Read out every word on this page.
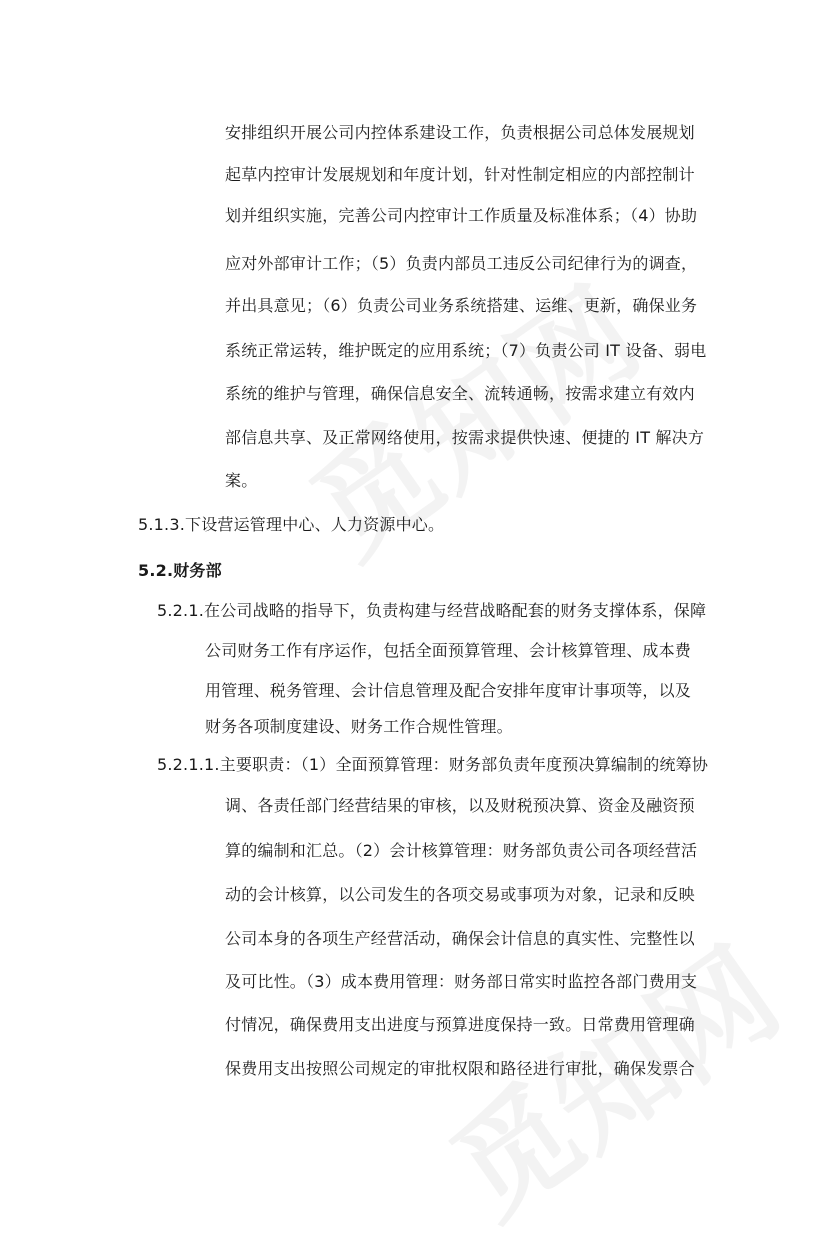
安排组织开展公司内控体系建设工作，负责根据公司总体发展规划
起草内控审计发展规划和年度计划，针对性制定相应的内部控制计
划并组织实施，完善公司内控审计工作质量及标准体系；（4）协助
应对外部审计工作；（5）负责内部员工违反公司纪律行为的调查，
并出具意见；（6）负责公司业务系统搭建、运维、更新，确保业务
系统正常运转，维护既定的应用系统；（7）负责公司 IT 设备、弱电
系统的维护与管理，确保信息安全、流转通畅，按需求建立有效内
部信息共享、及正常网络使用，按需求提供快速、便捷的 IT 解决方
案。
5.1.3.下设营运管理中心、人力资源中心。
5.2.财务部
5.2.1.在公司战略的指导下，负责构建与经营战略配套的财务支撑体系，保障
公司财务工作有序运作，包括全面预算管理、会计核算管理、成本费
用管理、税务管理、会计信息管理及配合安排年度审计事项等，以及
财务各项制度建设、财务工作合规性管理。
5.2.1.1.主要职责：（1）全面预算管理：财务部负责年度预决算编制的统筹协
调、各责任部门经营结果的审核，以及财税预决算、资金及融资预
算的编制和汇总。（2）会计核算管理：财务部负责公司各项经营活
动的会计核算，以公司发生的各项交易或事项为对象，记录和反映
公司本身的各项生产经营活动，确保会计信息的真实性、完整性以
及可比性。（3）成本费用管理：财务部日常实时监控各部门费用支
付情况，确保费用支出进度与预算进度保持一致。日常费用管理确
保费用支出按照公司规定的审批权限和路径进行审批，确保发票合
